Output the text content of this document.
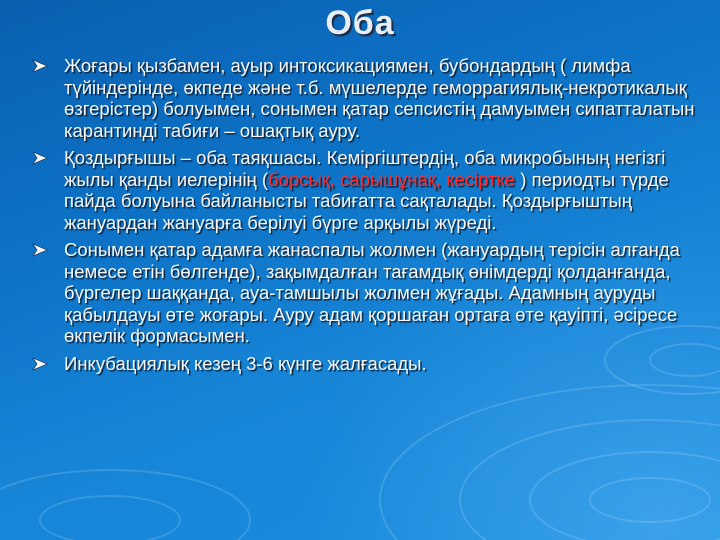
Оба
Жоғары қызбамен, ауыр интоксикациямен, бубондардың ( лимфа түйіндерінде, өкпеде және т.б. мүшелерде геморрагиялық-некротикалық өзгерістер) болуымен, сонымен қатар сепсистің дамуымен сипатталатын карантинді табиғи – ошақтық ауру.
Қоздырғышы – оба таяқшасы. Кеміргіштердің, оба микробының негізгі жылы қанды иелерінің (борсық, сарышұнақ, кесіртке ) периодты түрде пайда болуына байланысты табиғатта сақталады. Қоздырғыштың жануардан жануарға берілуі бүрге арқылы жүреді.
Сонымен қатар адамға жанаспалы жолмен (жануардың терісін алғанда немесе етін бөлгенде), зақымдалған тағамдық өнімдерді қолданғанда, бүргелер шаққанда, ауа-тамшылы жолмен жұғады. Адамның ауруды қабылдауы өте жоғары. Ауру адам қоршаған ортаға өте қауіпті, әсіресе өкпелік формасымен.
Инкубациялық кезең 3-6 күнге жалғасады.
